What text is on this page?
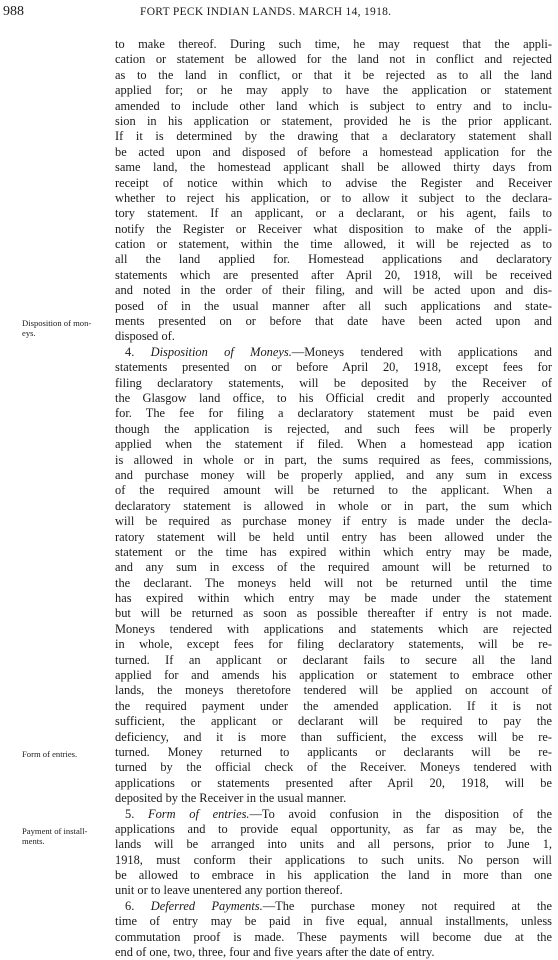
988	FORT PECK INDIAN LANDS. MARCH 14, 1918.
Disposition of mon-
eys.
Form of entries.
Payment of install-
ments.
to make thereof. During such time, he may request that the appli-
cation or statement be allowed for the land not in conflict and rejected
as to the land in conflict, or that it be rejected as to all the land
applied for; or he may apply to have the application or statement
amended to include other land which is subject to entry and to inclu-
sion in his application or statement, provided he is the prior applicant.
If it is determined by the drawing that a declaratory statement shall
be acted upon and disposed of before a homestead application for the
same land, the homestead applicant shall be allowed thirty days from
receipt of notice within which to advise the Register and Receiver
whether to reject his application, or to allow it subject to the declara-
tory statement. If an applicant, or a declarant, or his agent, fails to
notify the Register or Receiver what disposition to make of the appli-
cation or statement, within the time allowed, it will be rejected as to
all the land applied for. Homestead applications and declaratory
statements which are presented after April 20, 1918, will be received
and noted in the order of their filing, and will be acted upon and dis-
posed of in the usual manner after all such applications and state-
ments presented on or before that date have been acted upon and
disposed of.
4. Disposition of Moneys.—Moneys tendered with applications and
statements presented on or before April 20, 1918, except fees for
filing declaratory statements, will be deposited by the Receiver of
the Glasgow land office, to his Official credit and properly accounted
for. The fee for filing a declaratory statement must be paid even
though the application is rejected, and such fees will be properly
applied when the statement if filed. When a homestead app ication
is allowed in whole or in part, the sums required as fees, commissions,
and purchase money will be properly applied, and any sum in excess
of the required amount will be returned to the applicant. When a
declaratory statement is allowed in whole or in part, the sum which
will be required as purchase money if entry is made under the decla-
ratory statement will be held until entry has been allowed under the
statement or the time has expired within which entry may be made,
and any sum in excess of the required amount will be returned to
the declarant. The moneys held will not be returned until the time
has expired within which entry may be made under the statement
but will be returned as soon as possible thereafter if entry is not made.
Moneys tendered with applications and statements which are rejected
in whole, except fees for filing declaratory statements, will be re-
turned. If an applicant or declarant fails to secure all the land
applied for and amends his application or statement to embrace other
lands, the moneys theretofore tendered will be applied on account of
the required payment under the amended application. If it is not
sufficient, the applicant or declarant will be required to pay the
deficiency, and it is more than sufficient, the excess will be re-
turned. Money returned to applicants or declarants will be re-
turned by the official check of the Receiver. Moneys tendered with
applications or statements presented after April 20, 1918, will be
deposited by the Receiver in the usual manner.
5. Form of entries.—To avoid confusion in the disposition of the
applications and to provide equal opportunity, as far as may be, the
lands will be arranged into units and all persons, prior to June 1,
1918, must conform their applications to such units. No person will
be allowed to embrace in his application the land in more than one
unit or to leave unentered any portion thereof.
6. Deferred Payments.—The purchase money not required at the
time of entry may be paid in five equal, annual installments, unless
commutation proof is made. These payments will become due at the
end of one, two, three, four and five years after the date of entry.
